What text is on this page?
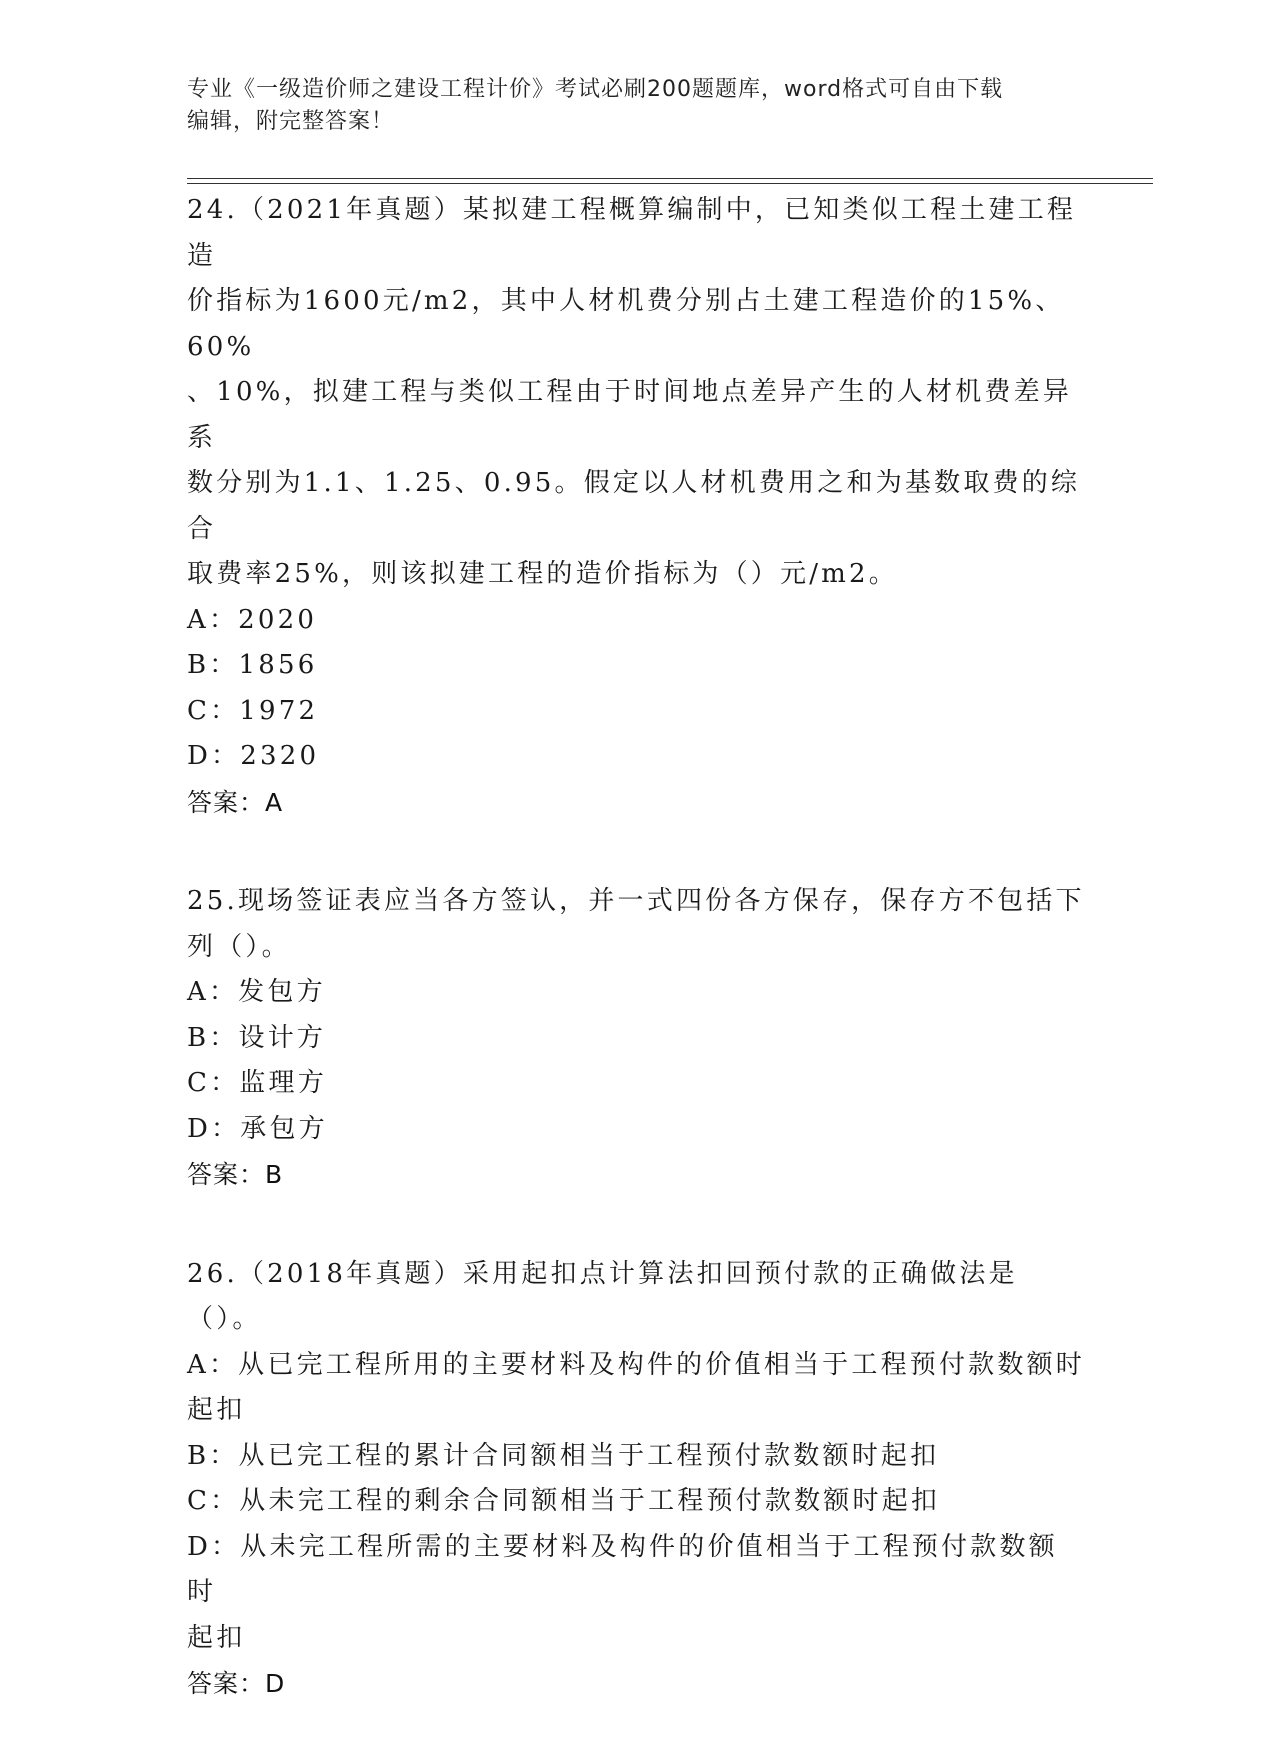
专业《一级造价师之建设工程计价》考试必刷200题题库，word格式可自由下载
编辑，附完整答案！

24.（2021年真题）某拟建工程概算编制中，已知类似工程土建工程造

价指标为1600元/m2，其中人材机费分别占土建工程造价的15%、60%

、10%，拟建工程与类似工程由于时间地点差异产生的人材机费差异系

数分别为1.1、1.25、0.95。假定以人材机费用之和为基数取费的综合

取费率25%，则该拟建工程的造价指标为（）元/m2。

A：2020

B：1856

C：1972

D：2320

答案：A

25.现场签证表应当各方签认，并一式四份各方保存，保存方不包括下

列（）。

A：发包方

B：设计方

C：监理方

D：承包方

答案：B

26.（2018年真题）采用起扣点计算法扣回预付款的正确做法是（）。

A：从已完工程所用的主要材料及构件的价值相当于工程预付款数额时

起扣

B：从已完工程的累计合同额相当于工程预付款数额时起扣

C：从未完工程的剩余合同额相当于工程预付款数额时起扣

D：从未完工程所需的主要材料及构件的价值相当于工程预付款数额时

起扣

答案：D
